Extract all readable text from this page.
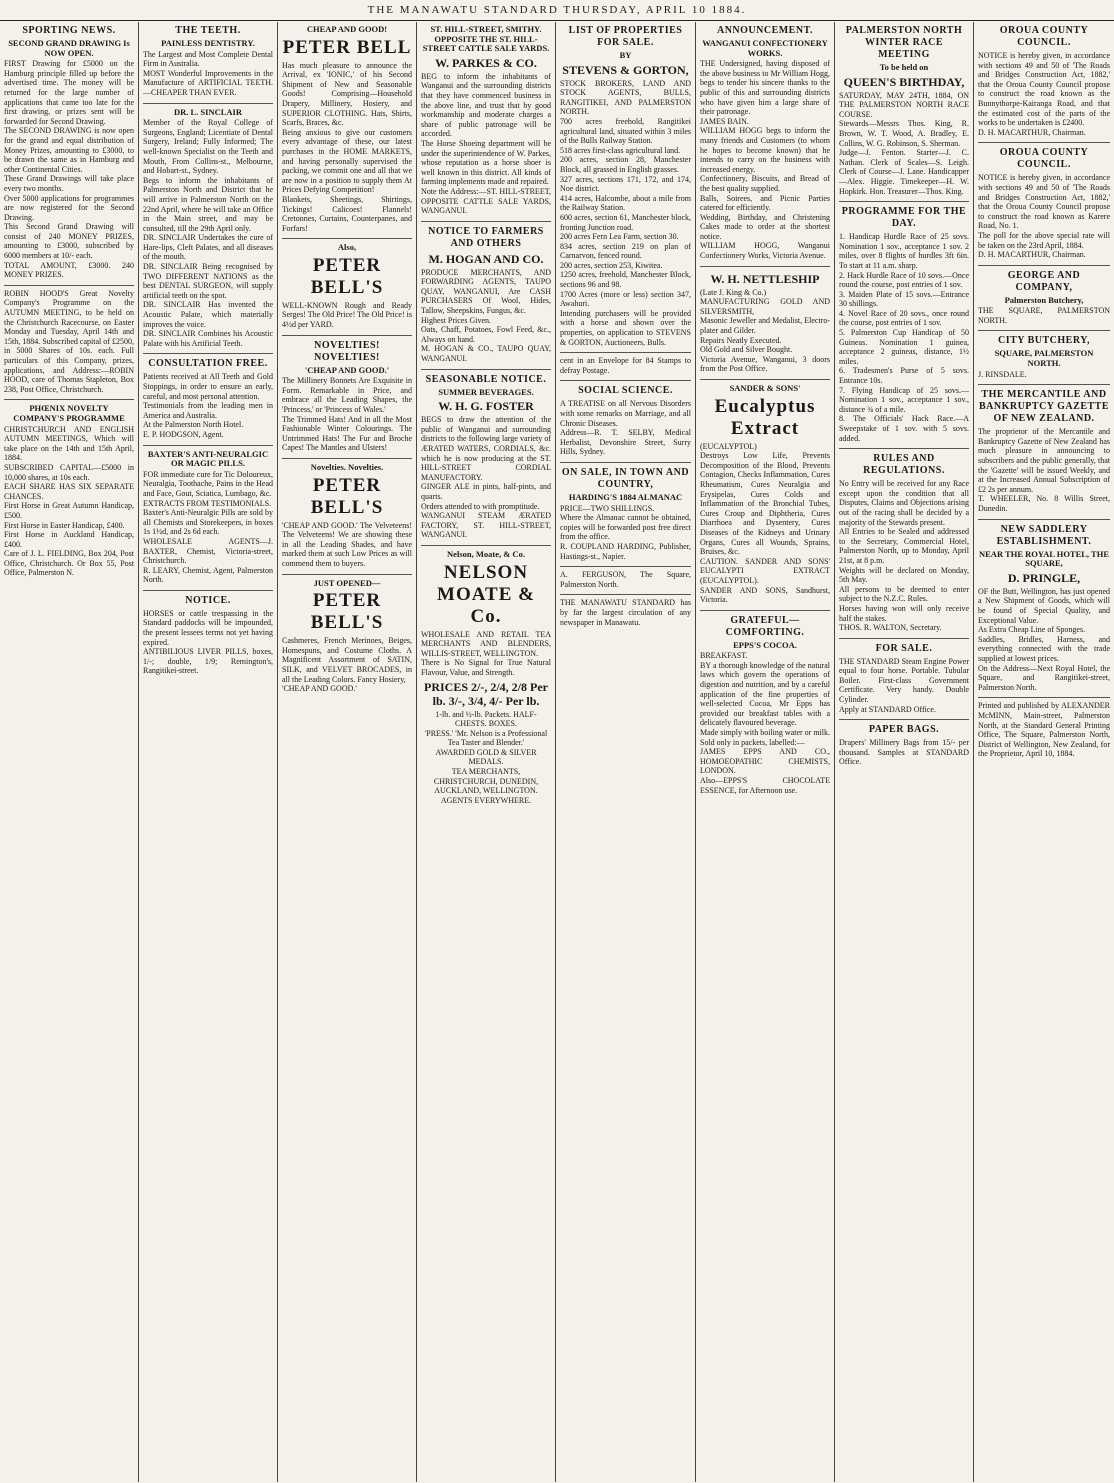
THE MANAWATU STANDARD THURSDAY, APRIL 10 1884.
SPORTING NEWS.
SECOND GRAND DRAWING Is NOW OPEN.

FIRST Drawing for £5000 on the Hamburg principle filled up before the advertised time. The money will be returned for the large number of applications that came too late for the first drawing, or prizes sent will be forwarded for Second Drawing.
The SECOND DRAWING is now open for the grand and equal distribution of Money Prizes, amounting to £3000, to be drawn the same as in Hamburg and other Continental Cities.
These Grand Drawings will take place every two months.
Over 5000 applications for programmes are now registered for the Second Drawing.
This Second Grand Drawing will consist of 240 MONEY PRIZES, amounting to £3000, subscribed by 6000 members at 10/- each.
TOTAL AMOUNT, £3000. 240 MONEY PRIZES.

ROBIN HOOD'S Great Novelty Company's Programme on the AUTUMN MEETING, to be held on the Christchurch Racecourse, on Easter Monday and Tuesday, April 14th and 15th, 1884. Subscribed capital of £2500, in 5000 Shares of 10s. each. Full particulars of this Company, prizes, applications, and Address:—ROBIN HOOD, care of Thomas Stapleton, Box 238, Post Office, Christchurch.

PHŒNIX NOVELTY COMPANY'S PROGRAMME

CHRISTCHURCH AND ENGLISH AUTUMN MEETINGS, Which will take place on the 14th and 15th April, 1884.
SUBSCRIBED CAPITAL—£5000 in 10,000 shares, at 10s each.
EACH SHARE HAS SIX SEPARATE CHANCES.
First Horse in Great Autumn Handicap, £500.
First Horse in Easter Handicap, £400.
First Horse in Auckland Handicap, £400.
Care of J. L. FIELDING, Box 204, Post Office, Christchurch. Or Box 55, Post Office, Palmerston N.

THE TEETH.
PAINLESS DENTISTRY.

The Largest and Most Complete Dental Firm in Australia.
MOST Wonderful Improvements in the Manufacture of ARTIFICIAL TEETH.—CHEAPER THAN EVER.

DR. L. SINCLAIR

Member of the Royal College of Surgeons, England; Licentiate of Dental Surgery, Ireland; Fully Informed; The well-known Specialist on the Teeth and Mouth, From Collins-st., Melbourne, and Hobart-st., Sydney.
Begs to inform the inhabitants of Palmerston North and District that he will arrive in Palmerston North on the 22nd April, where he will take an Office in the Main street, and may be consulted, till the 29th April only.
DR. SINCLAIR Undertakes the cure of Hare-lips, Cleft Palates, and all diseases of the mouth.
DR. SINCLAIR Being recognised by TWO DIFFERENT NATIONS as the best DENTAL SURGEON, will supply artificial teeth on the spot.
DR. SINCLAIR Has invented the Acoustic Palate, which materially improves the voice.
DR. SINCLAIR Combines his Acoustic Palate with his Artificial Teeth.

CONSULTATION FREE.

Patients received at All Teeth and Gold Stoppings, in order to ensure an early, careful, and most personal attention.
Testimonials from the leading men in America and Australia.
At the Palmerston North Hotel.
E. P. HODGSON, Agent.

BAXTER'S ANTI-NEURALGIC OR MAGIC PILLS.

FOR immediate cure for Tic Doloureux, Neuralgia, Toothache, Pains in the Head and Face, Gout, Sciatica, Lumbago, &c.
EXTRACTS FROM TESTIMONIALS.
Baxter's Anti-Neuralgic Pills are sold by all Chemists and Storekeepers, in boxes 1s 1½d, and 2s 6d each.
WHOLESALE AGENTS—J. BAXTER, Chemist, Victoria-street, Christchurch.
R. LEARY, Chemist, Agent, Palmerston North.

NOTICE.

HORSES or cattle trespassing in the Standard paddocks will be impounded, the present lessees terms not yet having expired.
ANTIBILIOUS LIVER PILLS, boxes, 1/-; double, 1/9; Remington's, Rangitikei-street.

CHEAP AND GOOD!
PETER BELL

Has much pleasure to announce the Arrival, ex 'IONIC,' of his Second Shipment of New and Seasonable Goods! Comprising—Household Drapery, Millinery, Hosiery, and SUPERIOR CLOTHING. Hats, Shirts, Scarfs, Braces, &c.
Being anxious to give our customers every advantage of these, our latest purchases in the HOME MARKETS, and having personally supervised the packing, we commit one and all that we are now in a position to supply them At Prices Defying Competition!
Blankets, Sheetings, Shirtings, Tickings! Calicoes! Flannels! Cretonnes, Curtains, Counterpanes, and Forfars!

Also,
PETER BELL'S

WELL-KNOWN Rough and Ready Serges! The Old Price! The Old Price! is 4½d per YARD.

NOVELTIES! NOVELTIES!
'CHEAP AND GOOD.'

The Millinery Bonnets Are Exquisite in Form. Remarkable in Price, and embrace all the Leading Shapes, the 'Princess,' or 'Princess of Wales.'
The Trimmed Hats! And in all the Most Fashionable Winter Colourings. The Untrimmed Hats! The Fur and Broche Capes! The Mantles and Ulsters!

Novelties. Novelties.
PETER BELL'S

'CHEAP AND GOOD.' The Velveteens! The Velveteens! We are showing these in all the Leading Shades, and have marked them at such Low Prices as will commend them to buyers.

JUST OPENED—
PETER BELL'S

Cashmeres, French Merinoes, Beiges, Homespuns, and Costume Cloths. A Magnificent Assortment of SATIN, SILK, and VELVET BROCADES, in all the Leading Colors. Fancy Hosiery,
'CHEAP AND GOOD.'

ST. HILL-STREET, SMITHY. OPPOSITE THE ST. HILL-STREET CATTLE SALE YARDS.
W. PARKES & CO.

BEG to inform the inhabitants of Wanganui and the surrounding districts that they have commenced business in the above line, and trust that by good workmanship and moderate charges a share of public patronage will be accorded.
The Horse Shoeing department will be under the superintendence of W. Parkes, whose reputation as a horse shoer is well known in this district. All kinds of farming implements made and repaired.
Note the Address:—ST. HILL-STREET, OPPOSITE CATTLE SALE YARDS, WANGANUI.

NOTICE TO FARMERS AND OTHERS
M. HOGAN AND CO.

PRODUCE MERCHANTS, AND FORWARDING AGENTS, TAUPO QUAY, WANGANUI, Are CASH PURCHASERS Of Wool, Hides, Tallow, Sheepskins, Fungus, &c.
Highest Prices Given.
Oats, Chaff, Potatoes, Fowl Feed, &c., Always on hand.
M. HOGAN & CO., TAUPO QUAY, WANGANUI.

SEASONABLE NOTICE.
SUMMER BEVERAGES.
W. H. G. FOSTER

BEGS to draw the attention of the public of Wanganui and surrounding districts to the following large variety of ÆRATED WATERS, CORDIALS, &c. which he is now producing at the ST. HILL-STREET CORDIAL MANUFACTORY.
GINGER ALE in pints, half-pints, and quarts.
Orders attended to with promptitude.
WANGANUI STEAM ÆRATED FACTORY, ST. HILL-STREET, WANGANUI.

Nelson, Moate, & Co.
NELSON MOATE & Co.

WHOLESALE AND RETAIL TEA MERCHANTS AND BLENDERS, WILLIS-STREET, WELLINGTON.
There is No Signal for True Natural Flavour, Value, and Strength.

PRICES 2/-, 2/4, 2/8 Per lb. 3/-, 3/4, 4/- Per lb.

1-lb. and ½-lb. Packets. HALF-CHESTS. BOXES.
'PRESS.' 'Mr. Nelson is a Professional Tea Taster and Blender.'
AWARDED GOLD & SILVER MEDALS.
TEA MERCHANTS, CHRISTCHURCH, DUNEDIN, AUCKLAND, WELLINGTON. AGENTS EVERYWHERE.

LIST OF PROPERTIES FOR SALE.
BY
STEVENS & GORTON,

STOCK BROKERS, LAND AND STOCK AGENTS, BULLS, RANGITIKEI, AND PALMERSTON NORTH.
700 acres freehold, Rangitikei agricultural land, situated within 3 miles of the Bulls Railway Station.
518 acres first-class agricultural land.
200 acres, section 28, Manchester Block, all grassed in English grasses.
327 acres, sections 171, 172, and 174, Noe district.
414 acres, Halcombe, about a mile from the Railway Station.
600 acres, section 61, Manchester block, fronting Junction road.
200 acres Fern Lea Farm, section 30.
834 acres, section 219 on plan of Carnarvon, fenced round.
200 acres, section 253, Kiwitea.
1250 acres, freehold, Manchester Block, sections 96 and 98.
1700 Acres (more or less) section 347, Awahuri.
Intending purchasers will be provided with a horse and shown over the properties, on application to STEVENS & GORTON, Auctioneers, Bulls.

cent in an Envelope for 84 Stamps to defray Postage.

SOCIAL SCIENCE.

A TREATISE on all Nervous Disorders with some remarks on Marriage, and all Chronic Diseases.
Address—R. T. SELBY, Medical Herbalist, Devonshire Street, Surry Hills, Sydney.

ON SALE, IN TOWN AND COUNTRY,
HARDING'S 1884 ALMANAC

PRICE—TWO SHILLINGS.
Where the Almanac cannot be obtained, copies will be forwarded post free direct from the office.
R. COUPLAND HARDING, Publisher, Hastings-st., Napier.

A. FERGUSON, The Square, Palmerston North.

THE MANAWATU STANDARD has by far the largest circulation of any newspaper in Manawatu.

ANNOUNCEMENT.
WANGANUI CONFECTIONERY WORKS.

THE Undersigned, having disposed of the above business to Mr William Hogg, begs to tender his sincere thanks to the public of this and surrounding districts who have given him a large share of their patronage.
JAMES BAIN.
WILLIAM HOGG begs to inform the many friends and Customers (to whom he hopes to become known) that he intends to carry on the business with increased energy.
Confectionery, Biscuits, and Bread of the best quality supplied.
Balls, Soirees, and Picnic Parties catered for efficiently.
Wedding, Birthday, and Christening Cakes made to order at the shortest notice.
WILLIAM HOGG, Wanganui Confectionery Works, Victoria Avenue.

W. H. NETTLESHIP

(Late J. King & Co.)
MANUFACTURING GOLD AND SILVERSMITH,
Masonic Jeweller and Medalist, Electro-plater and Gilder.
Repairs Neatly Executed.
Old Gold and Silver Bought.
Victoria Avenue, Wanganui, 3 doors from the Post Office.

SANDER & SONS'
Eucalyptus Extract

(EUCALYPTOL)
Destroys Low Life, Prevents Decomposition of the Blood, Prevents Contagion, Checks Inflammation, Cures Rheumatism, Cures Neuralgia and Erysipelas, Cures Colds and Inflammation of the Bronchial Tubes, Cures Croup and Diphtheria, Cures Diarrhoea and Dysentery, Cures Diseases of the Kidneys and Urinary Organs, Cures all Wounds, Sprains, Bruises, &c.
CAUTION. SANDER AND SONS' EUCALYPTI EXTRACT (EUCALYPTOL).
SANDER AND SONS, Sandhurst, Victoria.

GRATEFUL—COMFORTING.
EPPS'S COCOA.

BREAKFAST.
BY a thorough knowledge of the natural laws which govern the operations of digestion and nutrition, and by a careful application of the fine properties of well-selected Cocoa, Mr Epps has provided our breakfast tables with a delicately flavoured beverage.
Made simply with boiling water or milk.
Sold only in packets, labelled:—
JAMES EPPS AND CO., HOMOEOPATHIC CHEMISTS, LONDON.
Also—EPPS'S CHOCOLATE ESSENCE, for Afternoon use.

PALMERSTON NORTH WINTER RACE MEETING
To be held on
QUEEN'S BIRTHDAY,

SATURDAY, MAY 24TH, 1884, ON THE PALMERSTON NORTH RACE COURSE.
Stewards—Messrs Thos. King, R. Brown, W. T. Wood, A. Bradley, E. Collins, W. G. Robinson, S. Sherman.
Judge—J. Fenton. Starter—J. C. Nathan. Clerk of Scales—S. Leigh. Clerk of Course—J. Lane. Handicapper—Alex. Higgie. Timekeeper—H. W. Hopkirk. Hon. Treasurer—Thos. King.

PROGRAMME FOR THE DAY.

1. Handicap Hurdle Race of 25 sovs. Nomination 1 sov., acceptance 1 sov. 2 miles, over 8 flights of hurdles 3ft 6in. To start at 11 a.m. sharp.
2. Hack Hurdle Race of 10 sovs.—Once round the course, post entries of 1 sov.
3. Maiden Plate of 15 sovs.—Entrance 30 shillings.
4. Novel Race of 20 sovs., once round the course, post entries of 1 sov.
5. Palmerston Cup Handicap of 50 Guineas. Nomination 1 guinea, acceptance 2 guineas, distance, 1½ miles.
6. Tradesmen's Purse of 5 sovs. Entrance 10s.
7. Flying Handicap of 25 sovs.—Nomination 1 sov., acceptance 1 sov., distance ¾ of a mile.
8. The Officials' Hack Race.—A Sweepstake of 1 sov. with 5 sovs. added.

RULES AND REGULATIONS.

No Entry will be received for any Race except upon the condition that all Disputes, Claims and Objections arising out of the racing shall be decided by a majority of the Stewards present.
All Entries to be Sealed and addressed to the Secretary, Commercial Hotel, Palmerston North, up to Monday, April 21st, at 8 p.m.
Weights will be declared on Monday, 5th May.
All persons to be deemed to enter subject to the N.Z.C. Rules.
Horses having won will only receive half the stakes.
THOS. R. WALTON, Secretary.

FOR SALE.

THE STANDARD Steam Engine Power equal to four horse. Portable. Tubular Boiler. First-class Government Certificate. Very handy. Double Cylinder.
Apply at STANDARD Office.

PAPER BAGS.

Drapers' Millinery Bags from 15/- per thousand. Samples at STANDARD Office.

OROUA COUNTY COUNCIL.

NOTICE is hereby given, in accordance with sections 49 and 50 of 'The Roads and Bridges Construction Act, 1882,' that the Oroua County Council propose to construct the road known as the Bunnythorpe-Kairanga Road, and that the estimated cost of the parts of the works to be undertaken is £2400.
D. H. MACARTHUR, Chairman.

OROUA COUNTY COUNCIL.

NOTICE is hereby given, in accordance with sections 49 and 50 of 'The Roads and Bridges Construction Act, 1882,' that the Oroua County Council propose to construct the road known as Karere Road, No. 1.
The poll for the above special rate will be taken on the 23rd April, 1884.
D. H. MACARTHUR, Chairman.

GEORGE AND COMPANY,
Palmerston Butchery,

THE SQUARE, PALMERSTON NORTH.

CITY BUTCHERY,
SQUARE, PALMERSTON NORTH.

J. RINSDALE.

THE MERCANTILE AND BANKRUPTCY GAZETTE OF NEW ZEALAND.

The proprietor of the Mercantile and Bankruptcy Gazette of New Zealand has much pleasure in announcing to subscribers and the public generally, that the 'Gazette' will be issued Weekly, and at the Increased Annual Subscription of £2 2s per annum.
T. WHEELER, No. 8 Willis Street, Dunedin.

NEW SADDLERY ESTABLISHMENT.
NEAR THE ROYAL HOTEL, THE SQUARE,
D. PRINGLE,

OF the Butt, Wellington, has just opened a New Shipment of Goods, which will be found of Special Quality, and Exceptional Value.
As Extra Cheap Line of Sponges.
Saddles, Bridles, Harness, and everything connected with the trade supplied at lowest prices.
On the Address—Next Royal Hotel, the Square, and Rangitikei-street, Palmerston North.

Printed and published by ALEXANDER McMINN, Main-street, Palmerston North, at the Standard General Printing Office, The Square, Palmerston North, District of Wellington, New Zealand, for the Proprietor, April 10, 1884.
